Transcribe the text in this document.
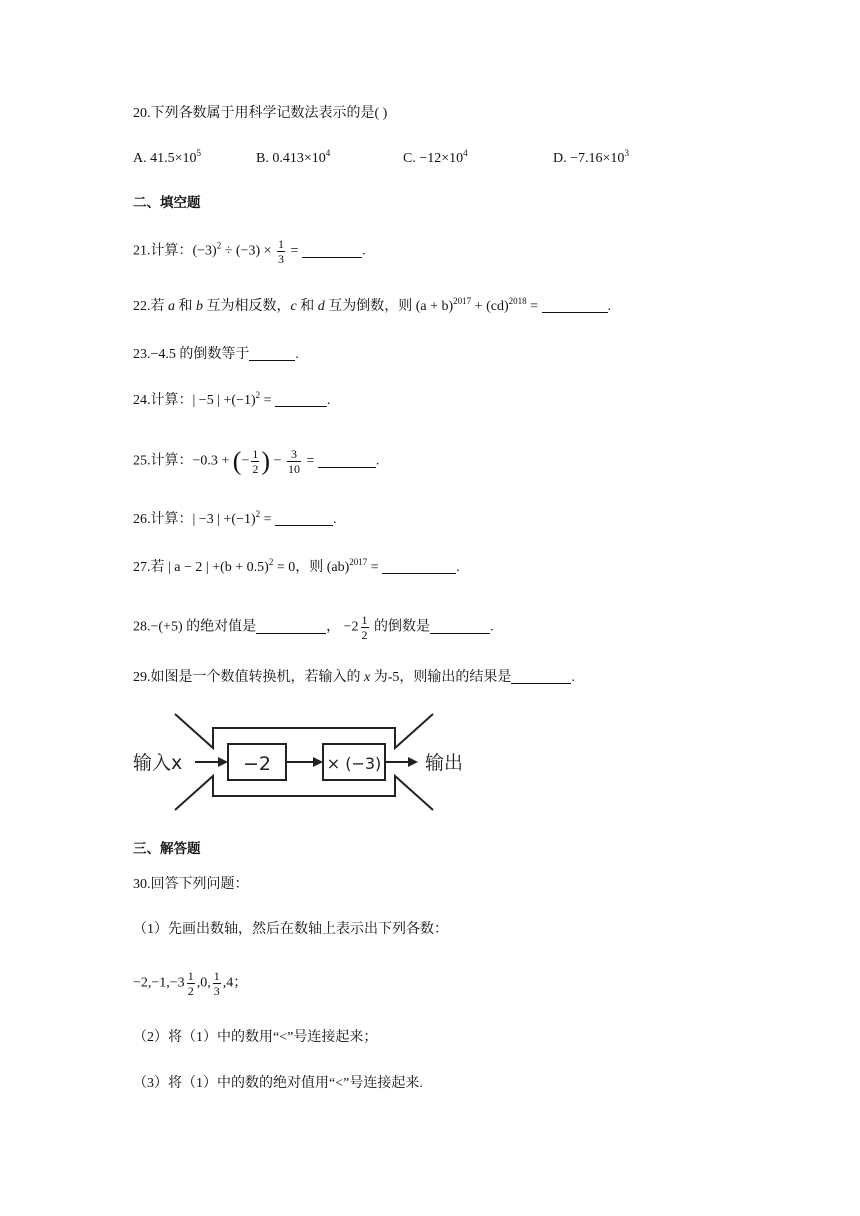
20.下列各数属于用科学记数法表示的是( )
A. $41.5\times 10^5$	B. $0.413\times 10^4$	C. $-12\times 10^4$	D. $-7.16\times 10^3$
二、填空题
21.计算：$(-3)^2 \div (-3) \times \frac{1}{3}$ =	.
22.若 a 和 b 互为相反数，c 和 d 互为倒数，则 $(a + b)^{2017} + (cd)^{2018}$ =	.
23.−4.5 的倒数等于	.
24.计算：| −5 | $+(-1)^2$ =	.
25.计算：−0.3 + (− $\frac{1}{2}$ ) − $\frac{3}{10}$ =	.
26.计算：| −3 | $+(-1)^2$ =	.
27.若 | a − 2 | $+(b + 0.5)^2 = 0$，则 (ab)$^{2017}$ =	.
28.−(+5) 的绝对值是	， $-2 \frac{1}{2}$ 的倒数是	.
29.如图是一个数值转换机，若输入的 x 为-5，则输出的结果是	.
输入x	−2	× (−3) 输出
三、解答题
30.回答下列问题：
（1）先画出数轴，然后在数轴上表示出下列各数：
$-2,-1,-3 \frac{1}{2} ,0$, $\frac{1}{3} ,4$；
（2）将（1）中的数用“<”号连接起来；
（3）将（1）中的数的绝对值用“<”号连接起来.
